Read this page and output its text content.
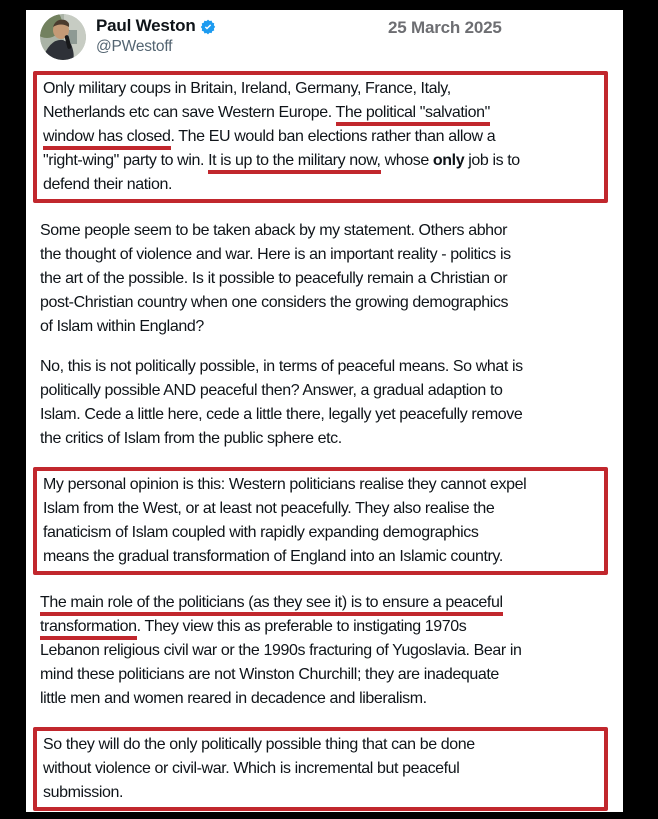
Paul Weston
@PWestoff
25 March 2025
Only military coups in Britain, Ireland, Germany, France, Italy,
Netherlands etc can save Western Europe. The political "salvation"
window has closed. The EU would ban elections rather than allow a
"right-wing" party to win. It is up to the military now, whose only job is to
defend their nation.
Some people seem to be taken aback by my statement. Others abhor
the thought of violence and war. Here is an important reality - politics is
the art of the possible. Is it possible to peacefully remain a Christian or
post-Christian country when one considers the growing demographics
of Islam within England?
No, this is not politically possible, in terms of peaceful means. So what is
politically possible AND peaceful then? Answer, a gradual adaption to
Islam. Cede a little here, cede a little there, legally yet peacefully remove
the critics of Islam from the public sphere etc.
My personal opinion is this: Western politicians realise they cannot expel
Islam from the West, or at least not peacefully. They also realise the
fanaticism of Islam coupled with rapidly expanding demographics
means the gradual transformation of England into an Islamic country.
The main role of the politicians (as they see it) is to ensure a peaceful
transformation. They view this as preferable to instigating 1970s
Lebanon religious civil war or the 1990s fracturing of Yugoslavia. Bear in
mind these politicians are not Winston Churchill; they are inadequate
little men and women reared in decadence and liberalism.
So they will do the only politically possible thing that can be done
without violence or civil-war. Which is incremental but peaceful
submission.
